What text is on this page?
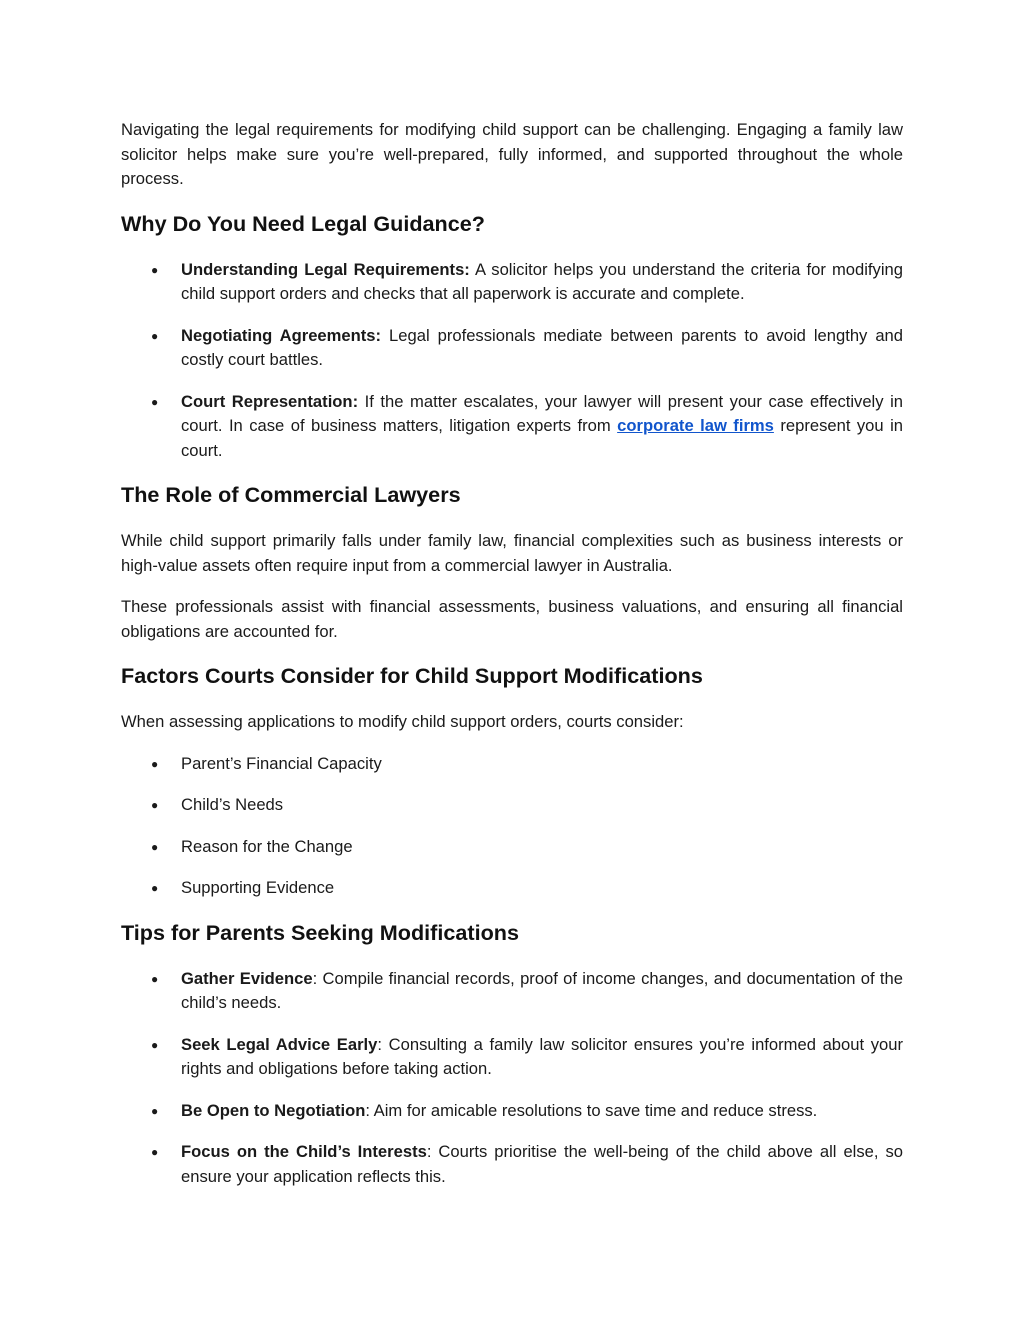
Navigating the legal requirements for modifying child support can be challenging. Engaging a family law solicitor helps make sure you’re well-prepared, fully informed, and supported throughout the whole process.

Why Do You Need Legal Guidance?
● Understanding Legal Requirements: A solicitor helps you understand the criteria for modifying child support orders and checks that all paperwork is accurate and complete.
● Negotiating Agreements: Legal professionals mediate between parents to avoid lengthy and costly court battles.
● Court Representation: If the matter escalates, your lawyer will present your case effectively in court. In case of business matters, litigation experts from corporate law firms represent you in court.
The Role of Commercial Lawyers

While child support primarily falls under family law, financial complexities such as business interests or high-value assets often require input from a commercial lawyer in Australia.

These professionals assist with financial assessments, business valuations, and ensuring all financial obligations are accounted for.

Factors Courts Consider for Child Support Modifications

When assessing applications to modify child support orders, courts consider:

● Parent’s Financial Capacity
● Child’s Needs
● Reason for the Change
● Supporting Evidence
Tips for Parents Seeking Modifications
● Gather Evidence: Compile financial records, proof of income changes, and documentation of the child’s needs.
● Seek Legal Advice Early: Consulting a family law solicitor ensures you’re informed about your rights and obligations before taking action.
● Be Open to Negotiation: Aim for amicable resolutions to save time and reduce stress.
● Focus on the Child’s Interests: Courts prioritise the well-being of the child above all else, so ensure your application reflects this.
